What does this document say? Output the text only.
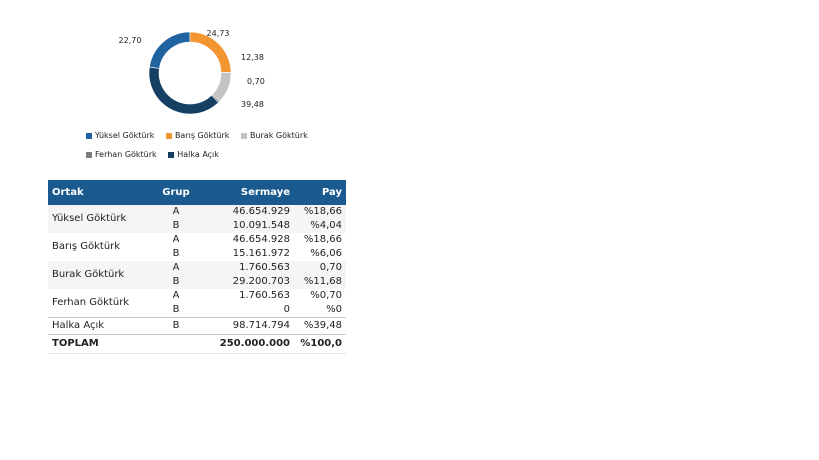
22,70
24,73
12,38
0,70
39,48
Yüksel Göktürk
	Barış Göktürk
	Burak Göktürk

Ferhan Göktürk
	Halka Açık
Ortak	Grup	Sermaye	Pay
Yüksel Göktürk	A	46.654.929	%18,66
	B	10.091.548	%4,04
Barış Göktürk	A	46.654.928	%18,66
	B	15.161.972	%6,06
Burak Göktürk	A	1.760.563	0,70
	B	29.200.703	%11,68
Ferhan Göktürk	A	1.760.563	%0,70
	B	0	%0
Halka Açık	B	98.714.794	%39,48
TOPLAM		250.000.000	%100,0
